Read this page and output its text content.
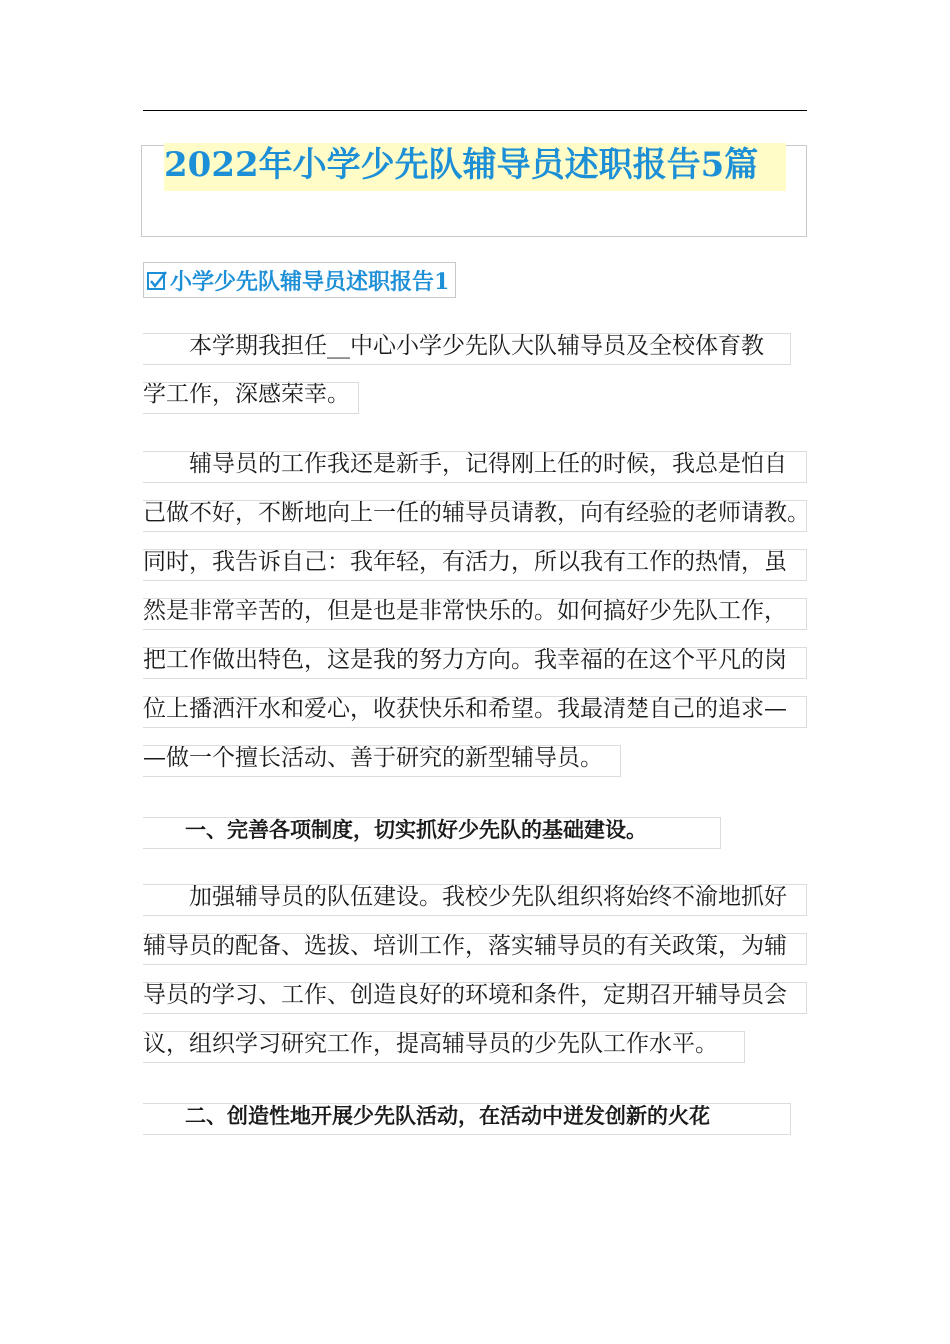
2022年小学少先队辅导员述职报告5篇
小学少先队辅导员述职报告1
　　本学期我担任__中心小学少先队大队辅导员及全校体育教
学工作，深感荣幸。
　　辅导员的工作我还是新手，记得刚上任的时候，我总是怕自
己做不好，不断地向上一任的辅导员请教，向有经验的老师请教。
同时，我告诉自己：我年轻，有活力，所以我有工作的热情，虽
然是非常辛苦的，但是也是非常快乐的。如何搞好少先队工作，
把工作做出特色，这是我的努力方向。我幸福的在这个平凡的岗
位上播洒汗水和爱心，收获快乐和希望。我最清楚自己的追求—
—做一个擅长活动、善于研究的新型辅导员。
　　一、完善各项制度，切实抓好少先队的基础建设。
　　加强辅导员的队伍建设。我校少先队组织将始终不渝地抓好
辅导员的配备、选拔、培训工作，落实辅导员的有关政策，为辅
导员的学习、工作、创造良好的环境和条件，定期召开辅导员会
议，组织学习研究工作，提高辅导员的少先队工作水平。
　　二、创造性地开展少先队活动，在活动中迸发创新的火花
